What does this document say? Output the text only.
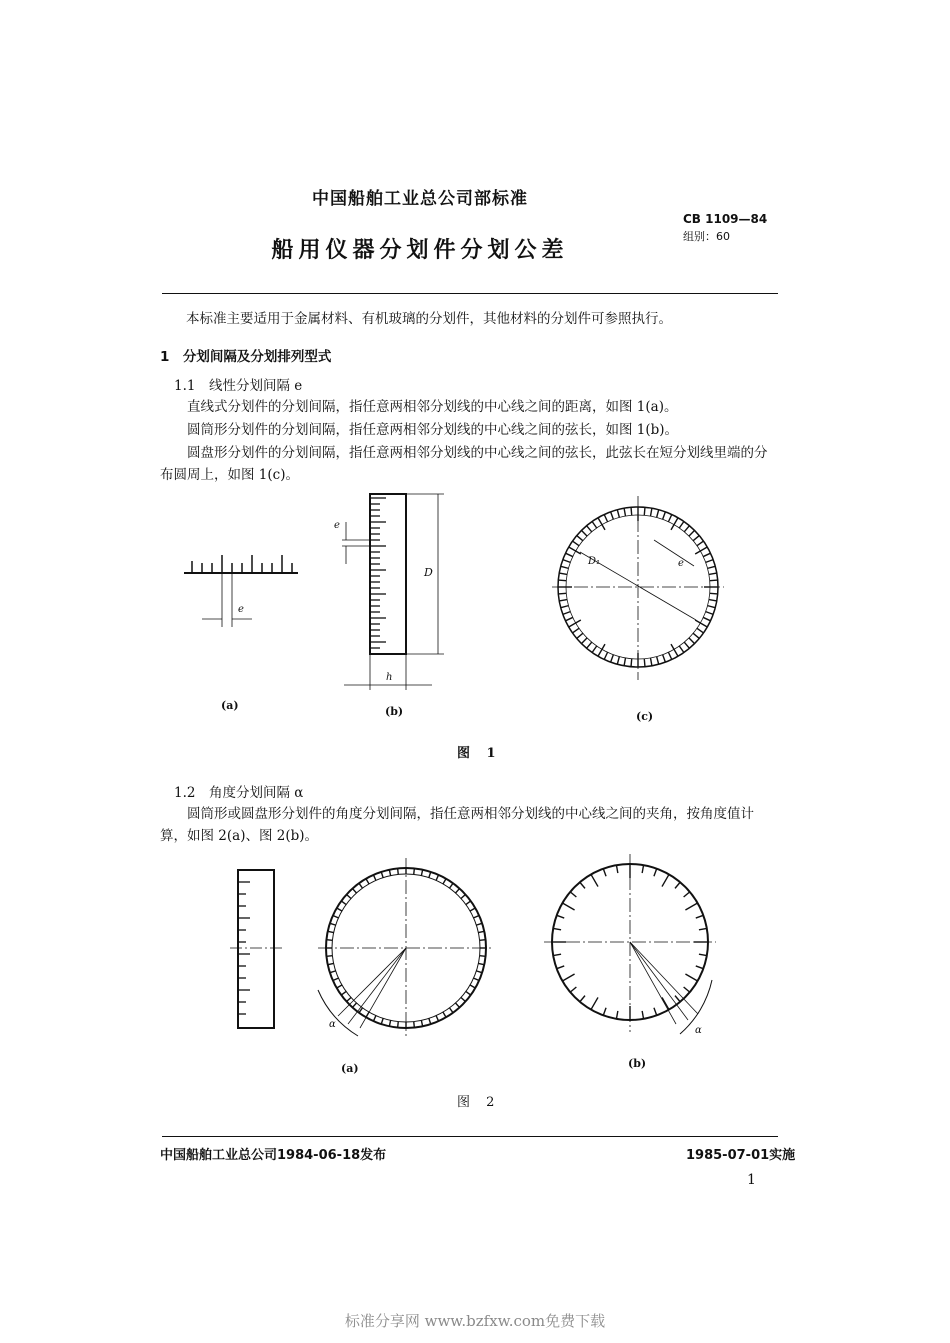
中国船舶工业总公司部标准
CB 1109—84
组别：60
船用仪器分划件分划公差
本标准主要适用于金属材料、有机玻璃的分划件，其他材料的分划件可参照执行。
1　分划间隔及分划排列型式
1.1　线性分划间隔 e
直线式分划件的分划间隔，指任意两相邻分划线的中心线之间的距离，如图 1(a)。
圆筒形分划件的分划间隔，指任意两相邻分划线的中心线之间的弦长，如图 1(b)。
圆盘形分划件的分划间隔，指任意两相邻分划线的中心线之间的弦长，此弦长在短分划线里端的分
布圆周上，如图 1(c)。
e
(a)
e
D
h
(b)
D₁	e
(c)
图 1
1.2　角度分划间隔 α
圆筒形或圆盘形分划件的角度分划间隔，指任意两相邻分划线的中心线之间的夹角，按角度值计
算，如图 2(a)、图 2(b)。
α
(a)
α
(b)
图 2
中国船舶工业总公司1984-06-18发布	1985-07-01实施
1
标准分享网 www.bzfxw.com免费下载
